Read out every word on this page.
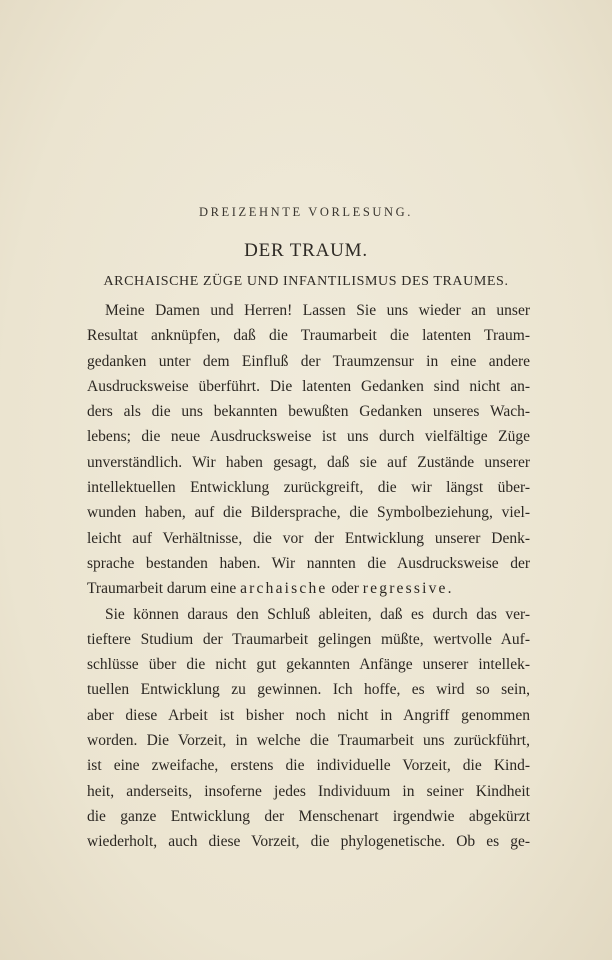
DREIZEHNTE VORLESUNG.
DER TRAUM.
ARCHAISCHE ZÜGE UND INFANTILISMUS DES TRAUMES.
Meine Damen und Herren! Lassen Sie uns wieder an unser
Resultat anknüpfen, daß die Traumarbeit die latenten Traum-
gedanken unter dem Einfluß der Traumzensur in eine andere
Ausdrucksweise überführt. Die latenten Gedanken sind nicht an-
ders als die uns bekannten bewußten Gedanken unseres Wach-
lebens; die neue Ausdrucksweise ist uns durch vielfältige Züge
unverständlich. Wir haben gesagt, daß sie auf Zustände unserer
intellektuellen Entwicklung zurückgreift, die wir längst über-
wunden haben, auf die Bildersprache, die Symbolbeziehung, viel-
leicht auf Verhältnisse, die vor der Entwicklung unserer Denk-
sprache bestanden haben. Wir nannten die Ausdrucksweise der
Traumarbeit darum eine archaische oder regressive.
Sie können daraus den Schluß ableiten, daß es durch das ver-
tieftere Studium der Traumarbeit gelingen müßte, wertvolle Auf-
schlüsse über die nicht gut gekannten Anfänge unserer intellek-
tuellen Entwicklung zu gewinnen. Ich hoffe, es wird so sein,
aber diese Arbeit ist bisher noch nicht in Angriff genommen
worden. Die Vorzeit, in welche die Traumarbeit uns zurückführt,
ist eine zweifache, erstens die individuelle Vorzeit, die Kind-
heit, anderseits, insoferne jedes Individuum in seiner Kindheit
die ganze Entwicklung der Menschenart irgendwie abgekürzt
wiederholt, auch diese Vorzeit, die phylogenetische. Ob es ge-
